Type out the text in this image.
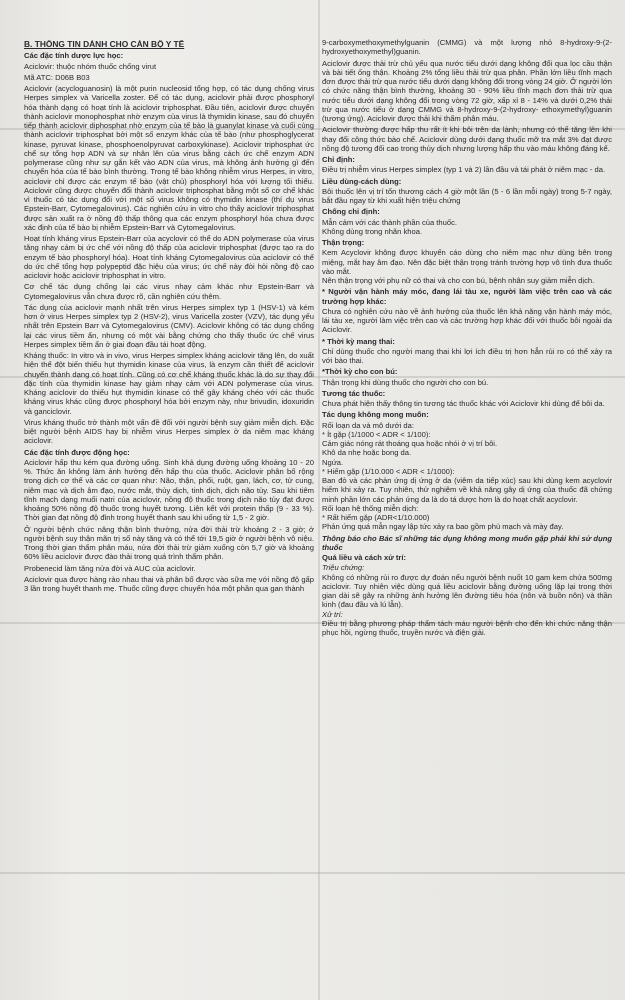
B. THÔNG TIN DÀNH CHO CÁN BỘ Y TẾ
Các đặc tính dược lực học:

Aciclovir: thuộc nhóm thuốc chống virut

Mã ATC: D06B B03

Aciclovir (acycloguanosin) là một purin nucleosid tổng hợp, có tác dụng chống virus Herpes simplex và Varicella zoster. Để có tác dụng, aciclovir phải được phosphoryl hóa thành dạng có hoạt tính là aciclovir triphosphat. Đầu tiên, aciclovir được chuyển thành aciclovir monophosphat nhờ enzym của virus là thymidin kinase, sau đó chuyển tiếp thành aciclovir diphosphat nhờ enzym của tế bào là guanylat kinase và cuối cùng thành aciclovir triphosphat bởi một số enzym khác của tế bào (như phosphoglycerat kinase, pyruvat kinase, phosphoenolpyruvat carboxykinase). Aciclovir triphosphat ức chế sự tổng hợp ADN và sự nhân lên của virus bằng cách ức chế enzym ADN polymerase cũng như sự gắn kết vào ADN của virus, mà không ảnh hưởng gì đến chuyển hóa của tế bào bình thường. Trong tế bào không nhiễm virus Herpes, in vitro, aciclovir chỉ được các enzym tế bào (vật chủ) phosphoryl hóa với lượng tối thiểu. Aciclovir cũng được chuyển đổi thành aciclovir triphosphat bằng một số cơ chế khác vì thuốc có tác dụng đối với một số virus không có thymidin kinase (thí dụ virus Epstein-Barr, Cytomegalovirus). Các nghiên cứu in vitro cho thấy aciclovir triphosphat được sản xuất ra ở nồng độ thấp thông qua các enzym phosphoryl hóa chưa được xác định của tế bào bị nhiễm Epstein-Barr và Cytomegalovirus.

Hoạt tính kháng virus Epstein-Barr của acyclovir có thể do ADN polymerase của virus tăng nhạy cảm bị ức chế với nồng độ thấp của aciclovir triphosphat (được tạo ra do enzym tế bào phosphoryl hóa). Hoạt tính kháng Cytomegalovirus của aciclovir có thể do ức chế tổng hợp polypeptid đặc hiệu của virus; ức chế này đòi hỏi nồng độ cao aciclovir hoặc aciclovir triphosphat in vitro.

Cơ chế tác dụng chống lại các virus nhạy cảm khác như Epstein-Barr và Cytomegalovirus vẫn chưa được rõ, cần nghiên cứu thêm.

Tác dụng của aciclovir mạnh nhất trên virus Herpes simplex typ 1 (HSV-1) và kém hơn ở virus Herpes simplex typ 2 (HSV-2), virus Varicella zoster (VZV), tác dụng yếu nhất trên Epstein Barr và Cytomegalovirus (CMV). Aciclovir không có tác dụng chống lại các virus tiềm ẩn, nhưng có một vài bằng chứng cho thấy thuốc ức chế virus Herpes simplex tiềm ẩn ở giai đoạn đầu tái hoạt động.

Kháng thuốc: In vitro và in vivo, virus Herpes simplex kháng aciclovir tăng lên, do xuất hiện thể đột biến thiếu hụt thymidin kinase của virus, là enzym cần thiết để aciclovir chuyển thành dạng có hoạt tính. Cũng có cơ chế kháng thuốc khác là do sự thay đổi đặc tính của thymidin kinase hay giảm nhạy cảm với ADN polymerase của virus. Kháng aciclovir do thiếu hụt thymidin kinase có thể gây kháng chéo với các thuốc kháng virus khác cũng được phosphoryl hóa bởi enzym này, như brivudin, idoxuridin và ganciclovir.

Virus kháng thuốc trở thành một vấn đề đối với người bệnh suy giảm miễn dịch. Đặc biệt người bệnh AIDS hay bị nhiễm virus Herpes simplex ở da niêm mạc kháng aciclovir.

Các đặc tính được động học:

Aciclovir hấp thu kém qua đường uống. Sinh khả dụng đường uống khoảng 10 - 20 %. Thức ăn không làm ảnh hưởng đến hấp thu của thuốc. Aciclovir phân bố rộng trong dịch cơ thể và các cơ quan như: Não, thận, phổi, ruột, gan, lách, cơ, tử cung, niêm mạc và dịch âm đạo, nước mắt, thủy dịch, tinh dịch, dịch não tủy. Sau khi tiêm tĩnh mạch dạng muối natri của aciclovir, nồng độ thuốc trong dịch não tủy đạt được khoảng 50% nồng độ thuốc trong huyết tương. Liên kết với protein thấp (9 - 33 %). Thời gian đạt nồng độ đỉnh trong huyết thanh sau khi uống từ 1,5 - 2 giờ.

Ở người bệnh chức năng thận bình thường, nửa đời thải trừ khoảng 2 - 3 giờ; ở người bệnh suy thận mãn trị số này tăng và có thể tới 19,5 giờ ở người bệnh vô niệu. Trong thời gian thẩm phân máu, nửa đời thải trừ giảm xuống còn 5,7 giờ và khoảng 60% liều aciclovir được đào thải trong quá trình thẩm phân.

Probenecid làm tăng nửa đời và AUC của aciclovir.

Aciclovir qua được hàng rào nhau thai và phân bố được vào sữa mẹ với nồng độ gấp 3 lần trong huyết thanh mẹ. Thuốc cũng được chuyển hóa một phần qua gan thành

9-carboxymethoxymethylguanin (CMMG) và một lượng nhỏ 8-hydroxy-9-(2-hydroxyethoxymethyl)guanin.

Aciclovir được thải trừ chủ yếu qua nước tiểu dưới dạng không đổi qua lọc cầu thận và bài tiết ống thận. Khoảng 2% tổng liều thải trừ qua phân. Phần lớn liều tĩnh mạch đơn được thải trừ qua nước tiểu dưới dạng không đổi trong vòng 24 giờ. Ở người lớn có chức năng thận bình thường, khoảng 30 - 90% liều tĩnh mạch đơn thải trừ qua nước tiểu dưới dạng không đổi trong vòng 72 giờ, xấp xỉ 8 - 14% và dưới 0,2% thải trừ qua nước tiểu ở dạng CMMG và 8-hydroxy-9-(2-hydroxy- ethoxymethyl)guanin (tương ứng). Aciclovir được thải khi thẩm phân máu.

Aciclovir thường được hấp thu rất ít khi bôi trên da lành, nhưng có thể tăng lên khi thay đổi công thức bào chế. Aciclovir dùng dưới dạng thuốc mỡ tra mắt 3% đạt được nồng độ tương đối cao trong thủy dịch nhưng lượng hấp thu vào máu không đáng kể.

Chỉ định:

Điều trị nhiễm virus Herpes simplex (typ 1 và 2) lần đầu và tái phát ở niêm mạc - da.

Liều dùng-cách dùng:

Bôi thuốc lên vị trí tổn thương cách 4 giờ một lần (5 - 6 lần mỗi ngày) trong 5-7 ngày, bắt đầu ngay từ khi xuất hiện triệu chứng

Chống chỉ định:

Mẫn cảm với các thành phần của thuốc.

Không dùng trong nhãn khoa.

Thận trọng:

Kem Acyclovir không được khuyến cáo dùng cho niêm mạc như dùng bên trong miệng, mắt hay âm đạo. Nên đặc biệt thận trọng tránh trường hợp vô tình đưa thuốc vào mắt.

Nên thận trọng với phụ nữ có thai và cho con bú, bệnh nhân suy giảm miễn dịch.

* Người vận hành máy móc, đang lái tàu xe, người làm việc trên cao và các trường hợp khác:

Chưa có nghiên cứu nào về ảnh hưởng của thuốc lên khả năng vận hành máy móc, lái tàu xe, người làm việc trên cao và các trường hợp khác đối với thuốc bôi ngoài da Aciclovir.

* Thời kỳ mang thai:

Chỉ dùng thuốc cho người mang thai khi lợi ích điều trị hơn hẳn rủi ro có thể xảy ra với bào thai.

*Thời kỳ cho con bú:

Thận trọng khi dùng thuốc cho người cho con bú.

Tương tác thuốc:

Chưa phát hiện thấy thông tin tương tác thuốc khác với Aciclovir khi dùng để bôi da.

Tác dụng không mong muốn:

Rối loạn da và mô dưới da:

* Ít gặp (1/1000 < ADR < 1/100):

Cảm giác nóng rát thoáng qua hoặc nhói ở vị trí bôi.

Khô da nhẹ hoặc bong da.

Ngứa.

* Hiếm gặp (1/10.000 < ADR < 1/1000):

Ban đỏ và các phản ứng dị ứng ở da (viêm da tiếp xúc) sau khi dùng kem acyclovir hiếm khi xảy ra. Tuy nhiên, thử nghiệm về khả năng gây dị ứng của thuốc đã chứng minh phần lớn các phản ứng da là do tá dược hơn là do hoạt chất acyclovir.

Rối loạn hệ thống miễn dịch:

* Rất hiếm gặp (ADR<1/10.000)

Phản ứng quá mẫn ngay lập tức xảy ra bao gồm phù mạch và mày đay.

Thông báo cho Bác sĩ những tác dụng không mong muốn gặp phải khi sử dụng thuốc
Quá liều và cách xử trí:

Triệu chứng:

Không có những rủi ro được dự đoán nếu người bệnh nuốt 10 gam kem chứa 500mg aciclovir. Tuy nhiên việc dùng quá liều aciclovir bằng đường uống lặp lại trong thời gian dài sẽ gây ra những ảnh hưởng lên đường tiêu hóa (nôn và buồn nôn) và thần kinh (đau đầu và lú lẫn).

Xử trí:

Điều trị bằng phương pháp thẩm tách máu người bệnh cho đến khi chức năng thận phục hồi, ngừng thuốc, truyền nước và điện giải.
